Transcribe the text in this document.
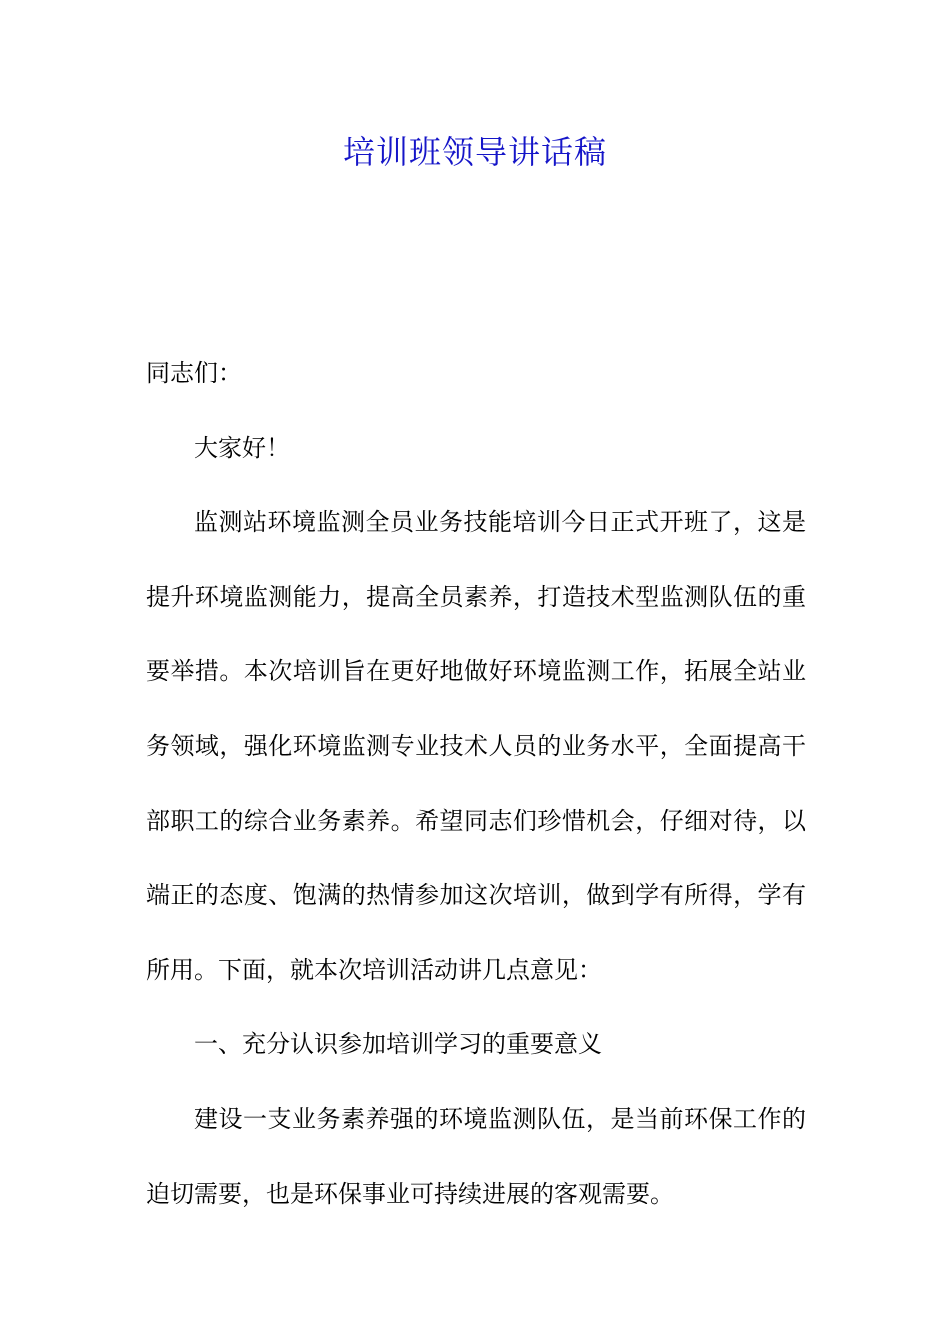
培训班领导讲话稿

同志们：

大家好！

监测站环境监测全员业务技能培训今日正式开班了，这是提升环境监测能力，提高全员素养，打造技术型监测队伍的重要举措。本次培训旨在更好地做好环境监测工作，拓展全站业务领域，强化环境监测专业技术人员的业务水平，全面提高干部职工的综合业务素养。希望同志们珍惜机会，仔细对待，以端正的态度、饱满的热情参加这次培训，做到学有所得，学有所用。下面，就本次培训活动讲几点意见：

一、充分认识参加培训学习的重要意义

建设一支业务素养强的环境监测队伍，是当前环保工作的迫切需要，也是环保事业可持续进展的客观需要。
